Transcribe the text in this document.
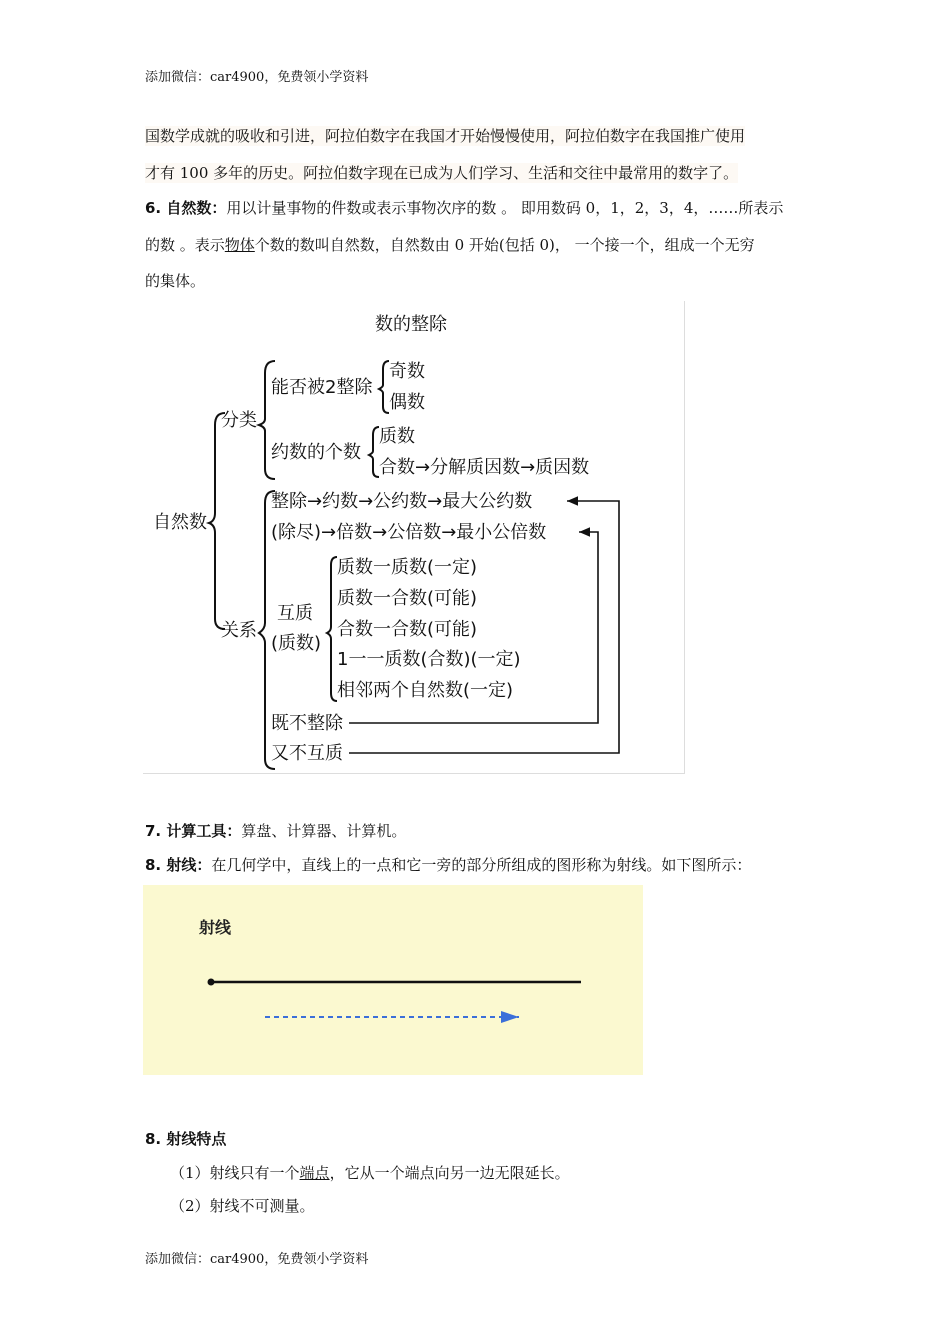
添加微信：car4900，免费领小学资料
国数学成就的吸收和引进，阿拉伯数字在我国才开始慢慢使用，阿拉伯数字在我国推广使用
才有 100 多年的历史。阿拉伯数字现在已成为人们学习、生活和交往中最常用的数字了。
6. 自然数：用以计量事物的件数或表示事物次序的数 。 即用数码 0，1，2，3，4，……所表示
的数 。表示物体个数的数叫自然数，自然数由 0 开始(包括 0)， 一个接一个，组成一个无穷
的集体。
数的整除
自然数
分类
关系
能否被2整除
奇数
偶数
约数的个数
质数
合数→分解质因数→质因数
整除→约数→公约数→最大公约数
(除尽)→倍数→公倍数→最小公倍数
互质
(质数)
质数一质数(一定)
质数一合数(可能)
合数一合数(可能)
1一一质数(合数)(一定)
相邻两个自然数(一定)
既不整除
又不互质
7. 计算工具：算盘、计算器、计算机。
8. 射线：在几何学中，直线上的一点和它一旁的部分所组成的图形称为射线。如下图所示：
射线
8. 射线特点
（1）射线只有一个端点，它从一个端点向另一边无限延长。
（2）射线不可测量。
添加微信：car4900，免费领小学资料
